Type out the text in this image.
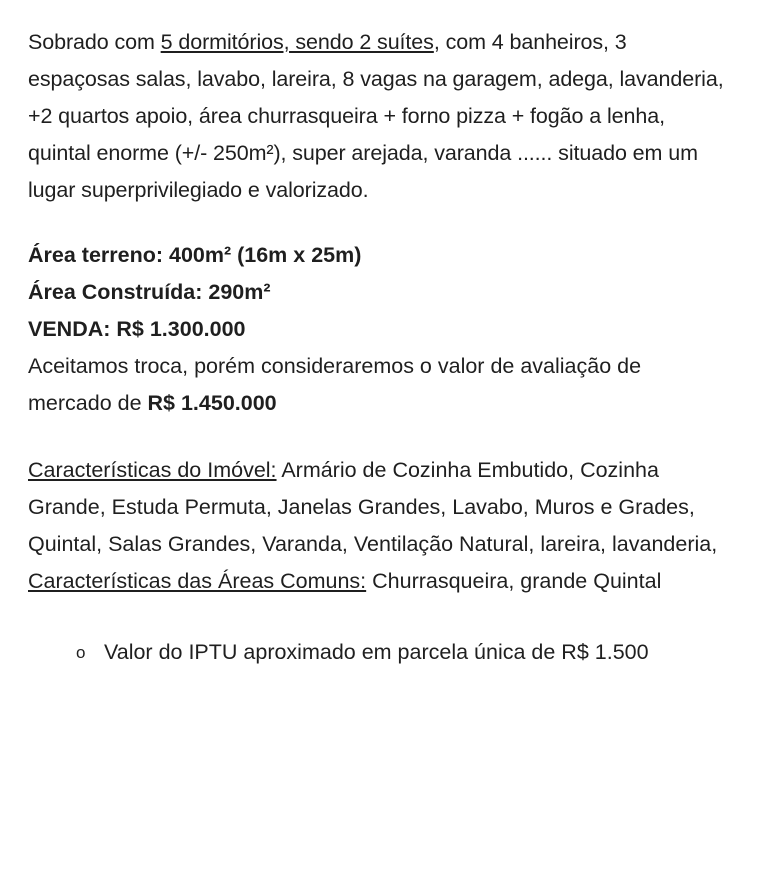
Sobrado com 5 dormitórios, sendo 2 suítes, com 4 banheiros, 3 espaçosas salas, lavabo, lareira, 8 vagas na garagem, adega, lavanderia, +2 quartos apoio, área churrasqueira + forno pizza + fogão a lenha, quintal enorme (+/- 250m²), super arejada, varanda ...... situado em um lugar superprivilegiado e valorizado.
Área terreno: 400m² (16m x 25m)
Área Construída: 290m²
VENDA: R$ 1.300.000
Aceitamos troca, porém consideraremos o valor de avaliação de mercado de R$ 1.450.000
Características do Imóvel: Armário de Cozinha Embutido, Cozinha Grande, Estuda Permuta, Janelas Grandes, Lavabo, Muros e Grades, Quintal, Salas Grandes, Varanda, Ventilação Natural, lareira, lavanderia,
Características das Áreas Comuns: Churrasqueira, grande Quintal
o Valor do IPTU aproximado em parcela única de R$ 1.500
